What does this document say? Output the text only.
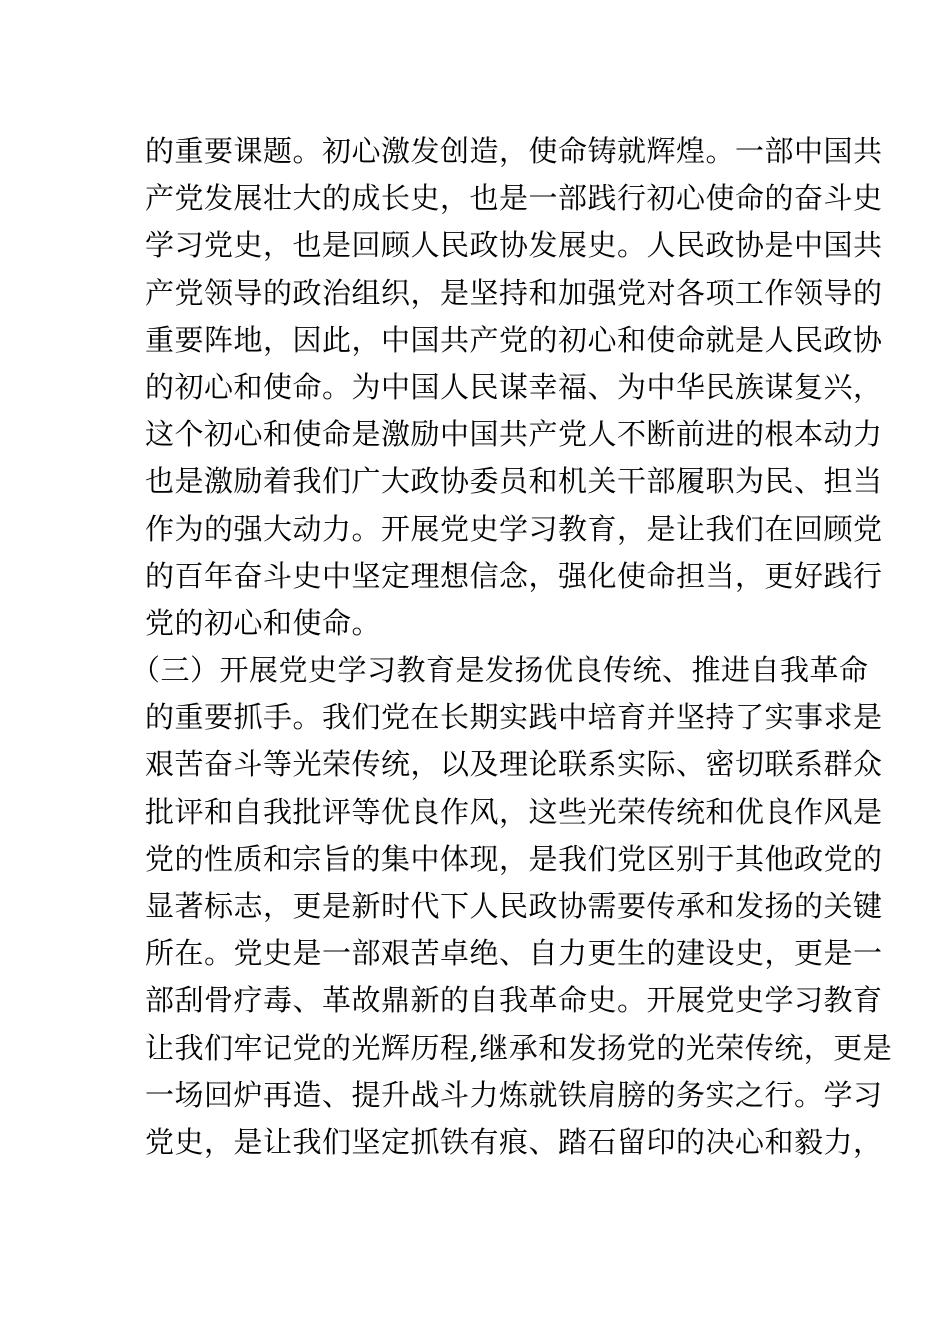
的重要课题。初心激发创造，使命铸就辉煌。一部中国共
产党发展壮大的成长史，也是一部践行初心使命的奋斗史
学习党史，也是回顾人民政协发展史。人民政协是中国共
产党领导的政治组织，是坚持和加强党对各项工作领导的
重要阵地，因此，中国共产党的初心和使命就是人民政协
的初心和使命。为中国人民谋幸福、为中华民族谋复兴，
这个初心和使命是激励中国共产党人不断前进的根本动力
也是激励着我们广大政协委员和机关干部履职为民、担当
作为的强大动力。开展党史学习教育，是让我们在回顾党
的百年奋斗史中坚定理想信念，强化使命担当，更好践行
党的初心和使命。
（三）开展党史学习教育是发扬优良传统、推进自我革命
的重要抓手。我们党在长期实践中培育并坚持了实事求是
艰苦奋斗等光荣传统，以及理论联系实际、密切联系群众
批评和自我批评等优良作风，这些光荣传统和优良作风是
党的性质和宗旨的集中体现，是我们党区别于其他政党的
显著标志，更是新时代下人民政协需要传承和发扬的关键
所在。党史是一部艰苦卓绝、自力更生的建设史，更是一
部刮骨疗毒、革故鼎新的自我革命史。开展党史学习教育
让我们牢记党的光辉历程,继承和发扬党的光荣传统，更是
一场回炉再造、提升战斗力炼就铁肩膀的务实之行。学习
党史，是让我们坚定抓铁有痕、踏石留印的决心和毅力，
